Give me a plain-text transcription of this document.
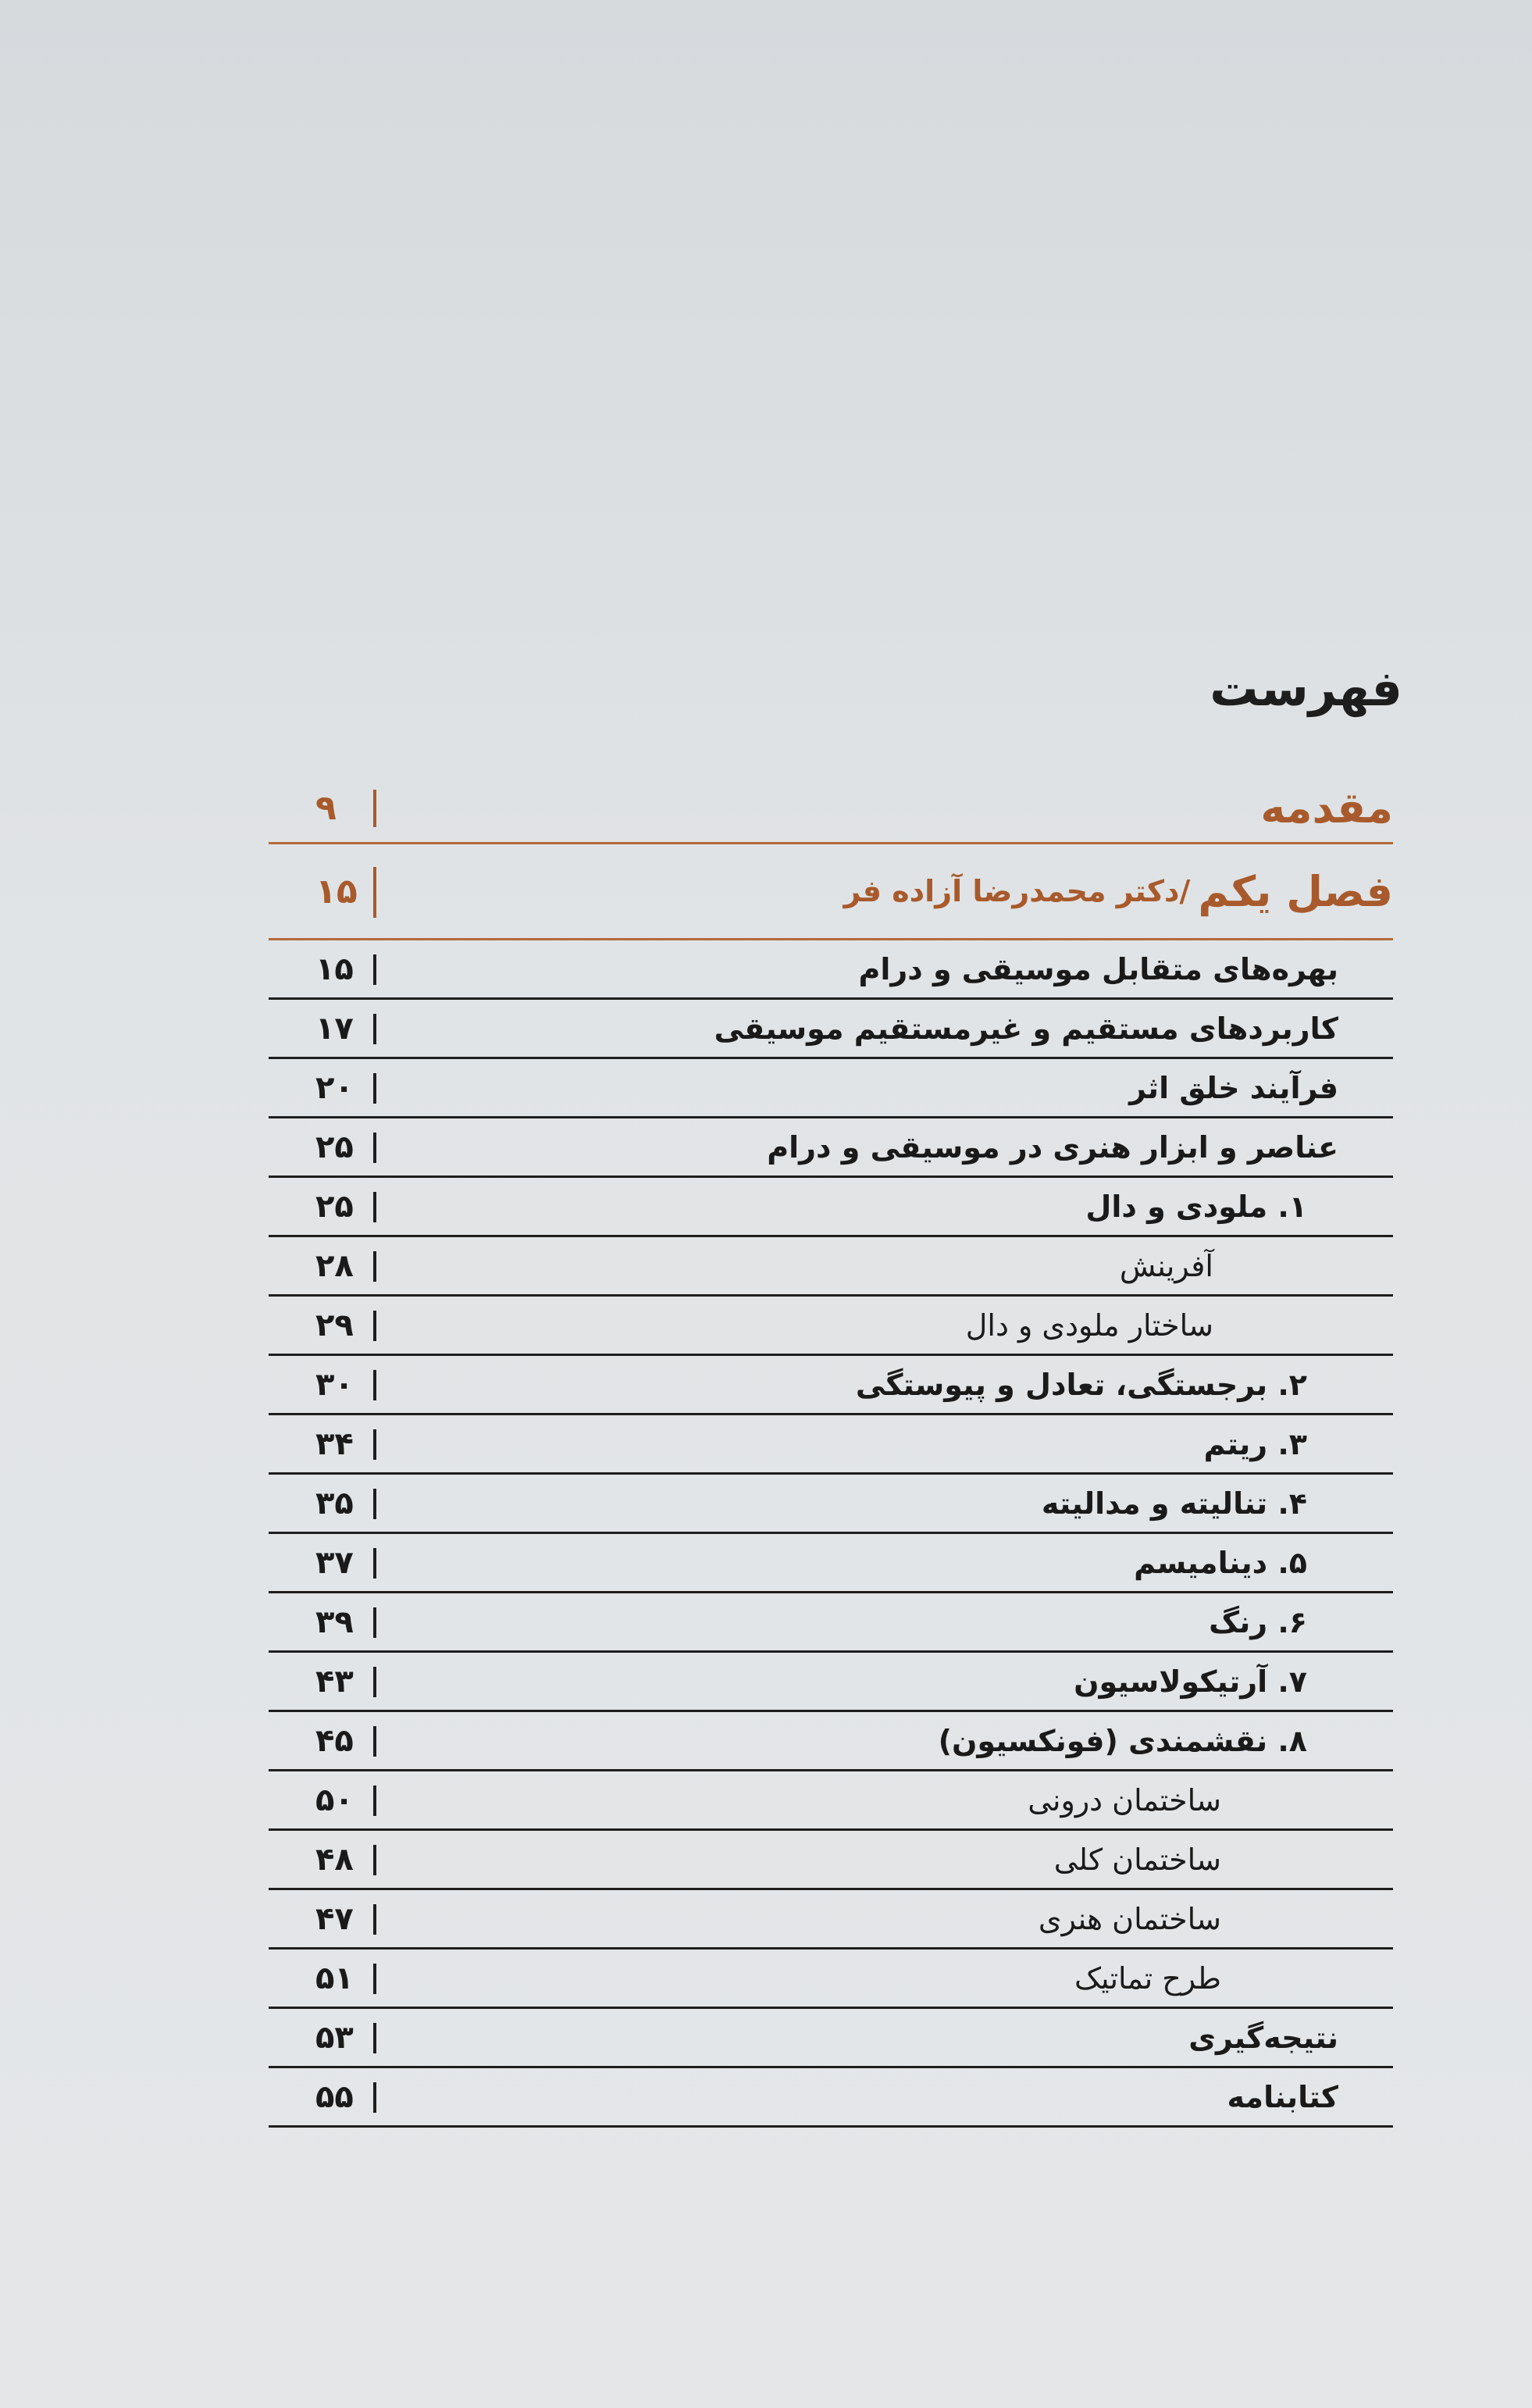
فهرست
مقدمه
۹
فصل یکم
/دکتر محمدرضا آزاده فر
۱۵
بهره‌های متقابل موسیقی و درام
۱۵
کاربردهای مستقیم و غیرمستقیم موسیقی
۱۷
فرآیند خلق اثر
۲۰
عناصر و ابزار هنری در موسیقی و درام
۲۵
۱. ملودی و دال
۲۵
آفرینش
۲۸
ساختار ملودی و دال
۲۹
۲. برجستگی، تعادل و پیوستگی
۳۰
۳. ریتم
۳۴
۴. تنالیته و مدالیته
۳۵
۵. دینامیسم
۳۷
۶. رنگ
۳۹
۷. آرتیکولاسیون
۴۳
۸. نقشمندی (فونکسیون)
۴۵
ساختمان درونی
۵۰
ساختمان کلی
۴۸
ساختمان هنری
۴۷
طرح تماتیک
۵۱
نتیجه‌گیری
۵۳
کتابنامه
۵۵
